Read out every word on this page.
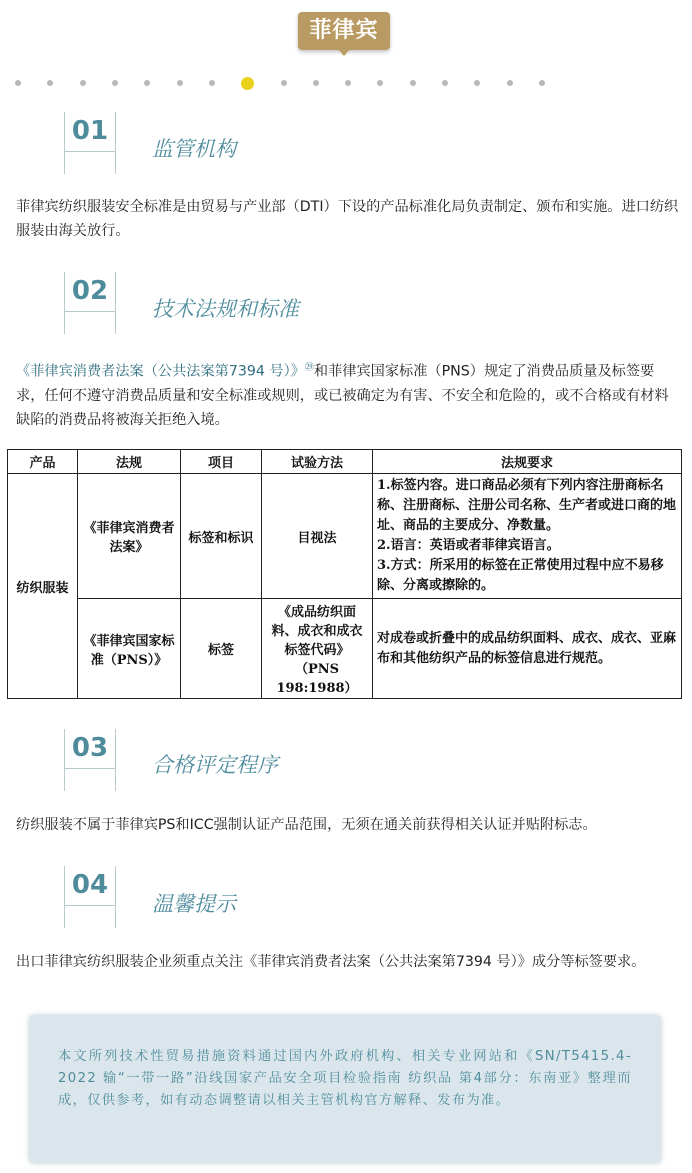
菲律宾
01
监管机构
菲律宾纺织服装安全标准是由贸易与产业部（DTI）下设的产品标准化局负责制定、颁布和实施。进口纺织服装由海关放行。
02
技术法规和标准
《菲律宾消费者法案（公共法案第7394 号）》$^㉙$和菲律宾国家标准（PNS）规定了消费品质量及标签要求，任何不遵守消费品质量和安全标准或规则，或已被确定为有害、不安全和危险的，或不合格或有材料缺陷的消费品将被海关拒绝入境。
产品	法规	项目	试验方法	法规要求
纺织服装	《菲律宾消费者法案》	标签和标识	目视法	1.标签内容。进口商品必须有下列内容注册商标名称、注册商标、注册公司名称、生产者或进口商的地址、商品的主要成分、净数量。
2.语言：英语或者菲律宾语言。
3.方式：所采用的标签在正常使用过程中应不易移除、分离或擦除的。

	《菲律宾国家标准（PNS）》	标签	《成品纺织面料、成衣和成衣标签代码》（PNS 198:1988）	对成卷或折叠中的成品纺织面料、成衣、成衣、亚麻布和其他纺织产品的标签信息进行规范。
03
合格评定程序
纺织服装不属于菲律宾PS和ICC强制认证产品范围，无须在通关前获得相关认证并贴附标志。
04
温馨提示
出口菲律宾纺织服装企业须重点关注《菲律宾消费者法案（公共法案第7394 号）》成分等标签要求。
本文所列技术性贸易措施资料通过国内外政府机构、相关专业网站和《SN/T5415.4-2022 输“一带一路”沿线国家产品安全项目检验指南 纺织品 第4部分：东南亚》整理而成，仅供参考，如有动态调整请以相关主管机构官方解释、发布为准。
